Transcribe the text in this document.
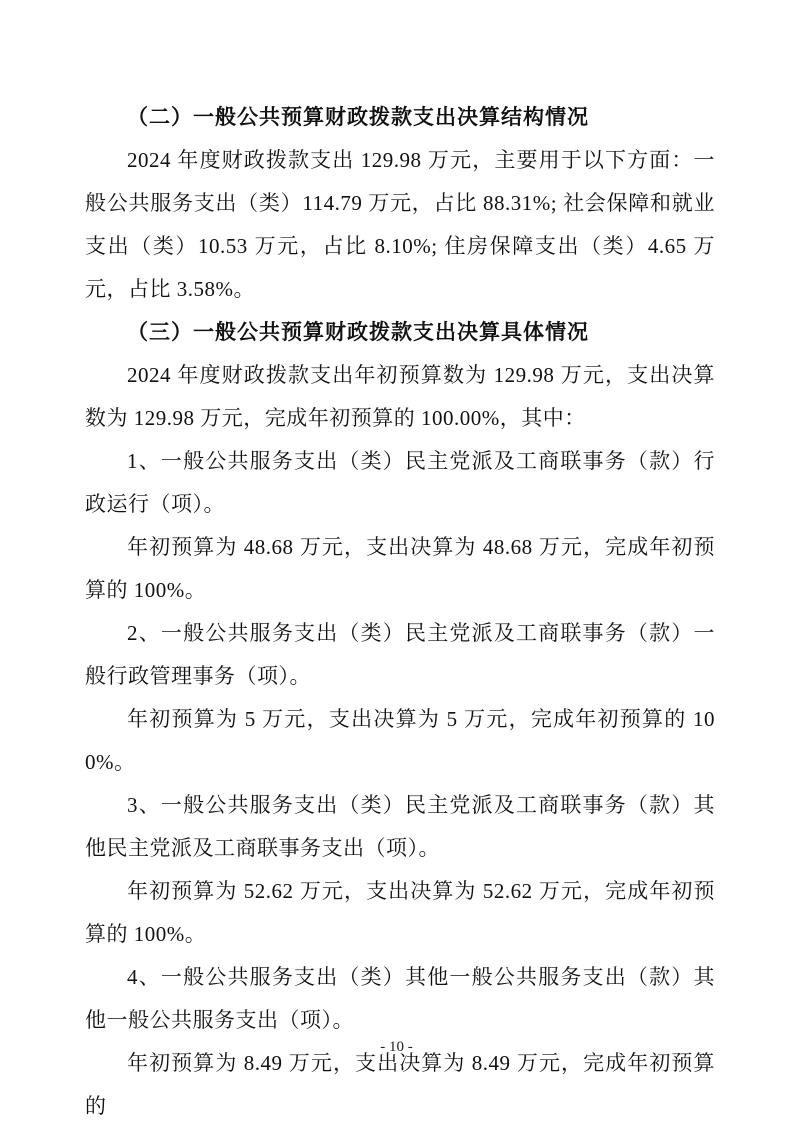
（二）一般公共预算财政拨款支出决算结构情况

2024 年度财政拨款支出 129.98 万元，主要用于以下方面：一般公共服务支出（类）114.79 万元，占比 88.31%; 社会保障和就业支出（类）10.53 万元，占比 8.10%; 住房保障支出（类）4.65 万元，占比 3.58%。

（三）一般公共预算财政拨款支出决算具体情况

2024 年度财政拨款支出年初预算数为 129.98 万元，支出决算数为 129.98 万元，完成年初预算的 100.00%，其中：

1、一般公共服务支出（类）民主党派及工商联事务（款）行政运行（项）。

年初预算为 48.68 万元，支出决算为 48.68 万元，完成年初预算的 100%。

2、一般公共服务支出（类）民主党派及工商联事务（款）一般行政管理事务（项）。

年初预算为 5 万元，支出决算为 5 万元，完成年初预算的 100%。

3、一般公共服务支出（类）民主党派及工商联事务（款）其他民主党派及工商联事务支出（项）。

年初预算为 52.62 万元，支出决算为 52.62 万元，完成年初预算的 100%。

4、一般公共服务支出（类）其他一般公共服务支出（款）其他一般公共服务支出（项）。

年初预算为 8.49 万元，支出决算为 8.49 万元，完成年初预算的

- 10 -
